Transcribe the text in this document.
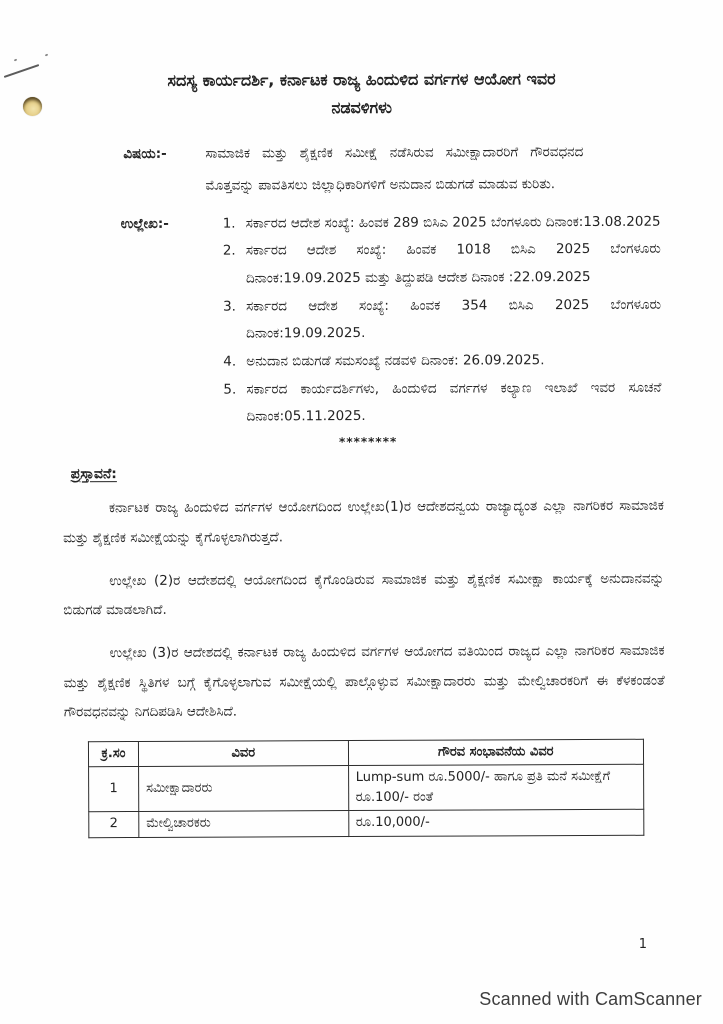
ಸದಸ್ಯ ಕಾರ್ಯದರ್ಶಿ, ಕರ್ನಾಟಕ ರಾಜ್ಯ ಹಿಂದುಳಿದ ವರ್ಗಗಳ ಆಯೋಗ ಇವರ
ನಡವಳಿಗಳು
ವಿಷಯ:-	ಸಾಮಾಜಿಕ ಮತ್ತು ಶೈಕ್ಷಣಿಕ ಸಮೀಕ್ಷೆ ನಡೆಸಿರುವ ಸಮೀಕ್ಷಾದಾರರಿಗೆ ಗೌರವಧನದ ಮೊತ್ತವನ್ನು ಪಾವತಿಸಲು ಜಿಲ್ಲಾಧಿಕಾರಿಗಳಿಗೆ ಅನುದಾನ ಬಿಡುಗಡೆ ಮಾಡುವ ಕುರಿತು.
ಉಲ್ಲೇಖ:-	1. ಸರ್ಕಾರದ ಆದೇಶ ಸಂಖ್ಯೆ: ಹಿಂವಕ 289 ಬಿಸಿಎ 2025 ಬೆಂಗಳೂರು ದಿನಾಂಕ:13.08.2025
2. ಸರ್ಕಾರದ ಆದೇಶ ಸಂಖ್ಯೆ: ಹಿಂವಕ 1018 ಬಿಸಿಎ 2025 ಬೆಂಗಳೂರು ದಿನಾಂಕ:19.09.2025 ಮತ್ತು ತಿದ್ದುಪಡಿ ಆದೇಶ ದಿನಾಂಕ :22.09.2025
3. ಸರ್ಕಾರದ ಆದೇಶ ಸಂಖ್ಯೆ: ಹಿಂವಕ 354 ಬಿಸಿಎ 2025 ಬೆಂಗಳೂರು ದಿನಾಂಕ:19.09.2025.
4. ಅನುದಾನ ಬಿಡುಗಡೆ ಸಮಸಂಖ್ಯೆ ನಡವಳಿ ದಿನಾಂಕ: 26.09.2025.
5. ಸರ್ಕಾರದ ಕಾರ್ಯದರ್ಶಿಗಳು, ಹಿಂದುಳಿದ ವರ್ಗಗಳ ಕಲ್ಯಾಣ ಇಲಾಖೆ ಇವರ ಸೂಚನೆ ದಿನಾಂಕ:05.11.2025.
********
ಪ್ರಸ್ತಾವನೆ:

ಕರ್ನಾಟಕ ರಾಜ್ಯ ಹಿಂದುಳಿದ ವರ್ಗಗಳ ಆಯೋಗದಿಂದ ಉಲ್ಲೇಖ(1)ರ ಆದೇಶದನ್ವಯ ರಾಜ್ಯಾದ್ಯಂತ ಎಲ್ಲಾ ನಾಗರಿಕರ ಸಾಮಾಜಿಕ ಮತ್ತು ಶೈಕ್ಷಣಿಕ ಸಮೀಕ್ಷೆಯನ್ನು ಕೈಗೊಳ್ಳಲಾಗಿರುತ್ತದೆ.

ಉಲ್ಲೇಖ (2)ರ ಆದೇಶದಲ್ಲಿ ಆಯೋಗದಿಂದ ಕೈಗೊಂಡಿರುವ ಸಾಮಾಜಿಕ ಮತ್ತು ಶೈಕ್ಷಣಿಕ ಸಮೀಕ್ಷಾ ಕಾರ್ಯಕ್ಕೆ ಅನುದಾನವನ್ನು ಬಿಡುಗಡೆ ಮಾಡಲಾಗಿದೆ.

ಉಲ್ಲೇಖ (3)ರ ಆದೇಶದಲ್ಲಿ ಕರ್ನಾಟಕ ರಾಜ್ಯ ಹಿಂದುಳಿದ ವರ್ಗಗಳ ಆಯೋಗದ ವತಿಯಿಂದ ರಾಜ್ಯದ ಎಲ್ಲಾ ನಾಗರಿಕರ ಸಾಮಾಜಿಕ ಮತ್ತು ಶೈಕ್ಷಣಿಕ ಸ್ಥಿತಿಗಳ ಬಗ್ಗೆ ಕೈಗೊಳ್ಳಲಾಗುವ ಸಮೀಕ್ಷೆಯಲ್ಲಿ ಪಾಲ್ಗೊಳ್ಳುವ ಸಮೀಕ್ಷಾದಾರರು ಮತ್ತು ಮೇಲ್ವಿಚಾರಕರಿಗೆ ಈ ಕೆಳಕಂಡಂತೆ ಗೌರವಧನವನ್ನು ನಿಗದಿಪಡಿಸಿ ಆದೇಶಿಸಿದೆ.

ಕ್ರ.ಸಂ	ವಿವರ	ಗೌರವ ಸಂಭಾವನೆಯ ವಿವರ
1	ಸಮೀಕ್ಷಾದಾರರು	Lump-sum ರೂ.5000/- ಹಾಗೂ ಪ್ರತಿ ಮನೆ ಸಮೀಕ್ಷೆಗೆ ರೂ.100/- ರಂತೆ
2	ಮೇಲ್ವಿಚಾರಕರು	ರೂ.10,000/-
1
Scanned with CamScanner
